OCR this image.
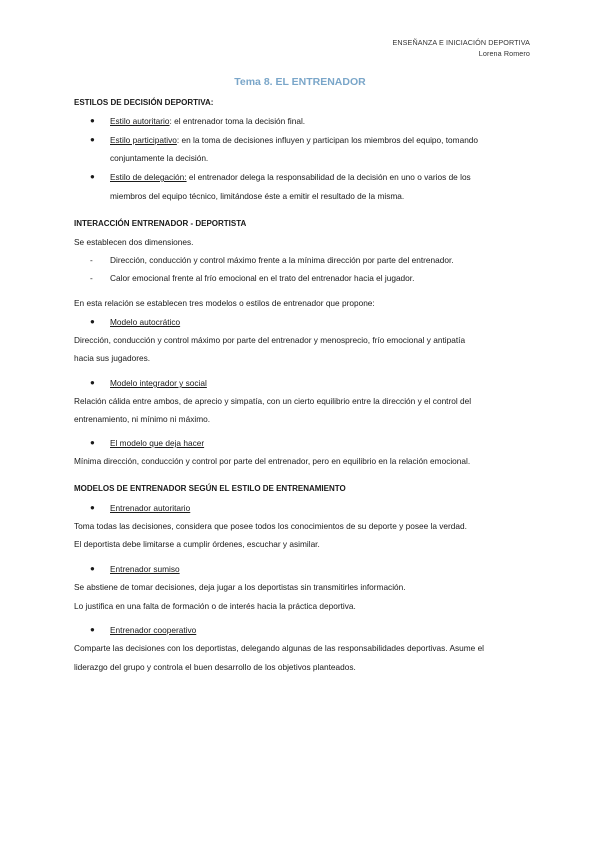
ENSEÑANZA E INICIACIÓN DEPORTIVA
Lorena Romero
Tema 8. EL ENTRENADOR
ESTILOS DE DECISIÓN DEPORTIVA:
● Estilo autoritario: el entrenador toma la decisión final.
● Estilo participativo: en la toma de decisiones influyen y participan los miembros del equipo, tomando
conjuntamente la decisión.
● Estilo de delegación: el entrenador delega la responsabilidad de la decisión en uno o varios de los
miembros del equipo técnico, limitándose éste a emitir el resultado de la misma.
INTERACCIÓN ENTRENADOR - DEPORTISTA
Se establecen dos dimensiones.
- Dirección, conducción y control máximo frente a la mínima dirección por parte del entrenador.
- Calor emocional frente al frío emocional en el trato del entrenador hacia el jugador.
En esta relación se establecen tres modelos o estilos de entrenador que propone:
● Modelo autocrático
Dirección, conducción y control máximo por parte del entrenador y menosprecio, frío emocional y antipatía
hacia sus jugadores.
● Modelo integrador y social
Relación cálida entre ambos, de aprecio y simpatía, con un cierto equilibrio entre la dirección y el control del
entrenamiento, ni mínimo ni máximo.
● El modelo que deja hacer
Mínima dirección, conducción y control por parte del entrenador, pero en equilibrio en la relación emocional.
MODELOS DE ENTRENADOR SEGÚN EL ESTILO DE ENTRENAMIENTO
● Entrenador autoritario
Toma todas las decisiones, considera que posee todos los conocimientos de su deporte y posee la verdad.
El deportista debe limitarse a cumplir órdenes, escuchar y asimilar.
● Entrenador sumiso
Se abstiene de tomar decisiones, deja jugar a los deportistas sin transmitirles información.
Lo justifica en una falta de formación o de interés hacia la práctica deportiva.
● Entrenador cooperativo
Comparte las decisiones con los deportistas, delegando algunas de las responsabilidades deportivas. Asume el
liderazgo del grupo y controla el buen desarrollo de los objetivos planteados.
